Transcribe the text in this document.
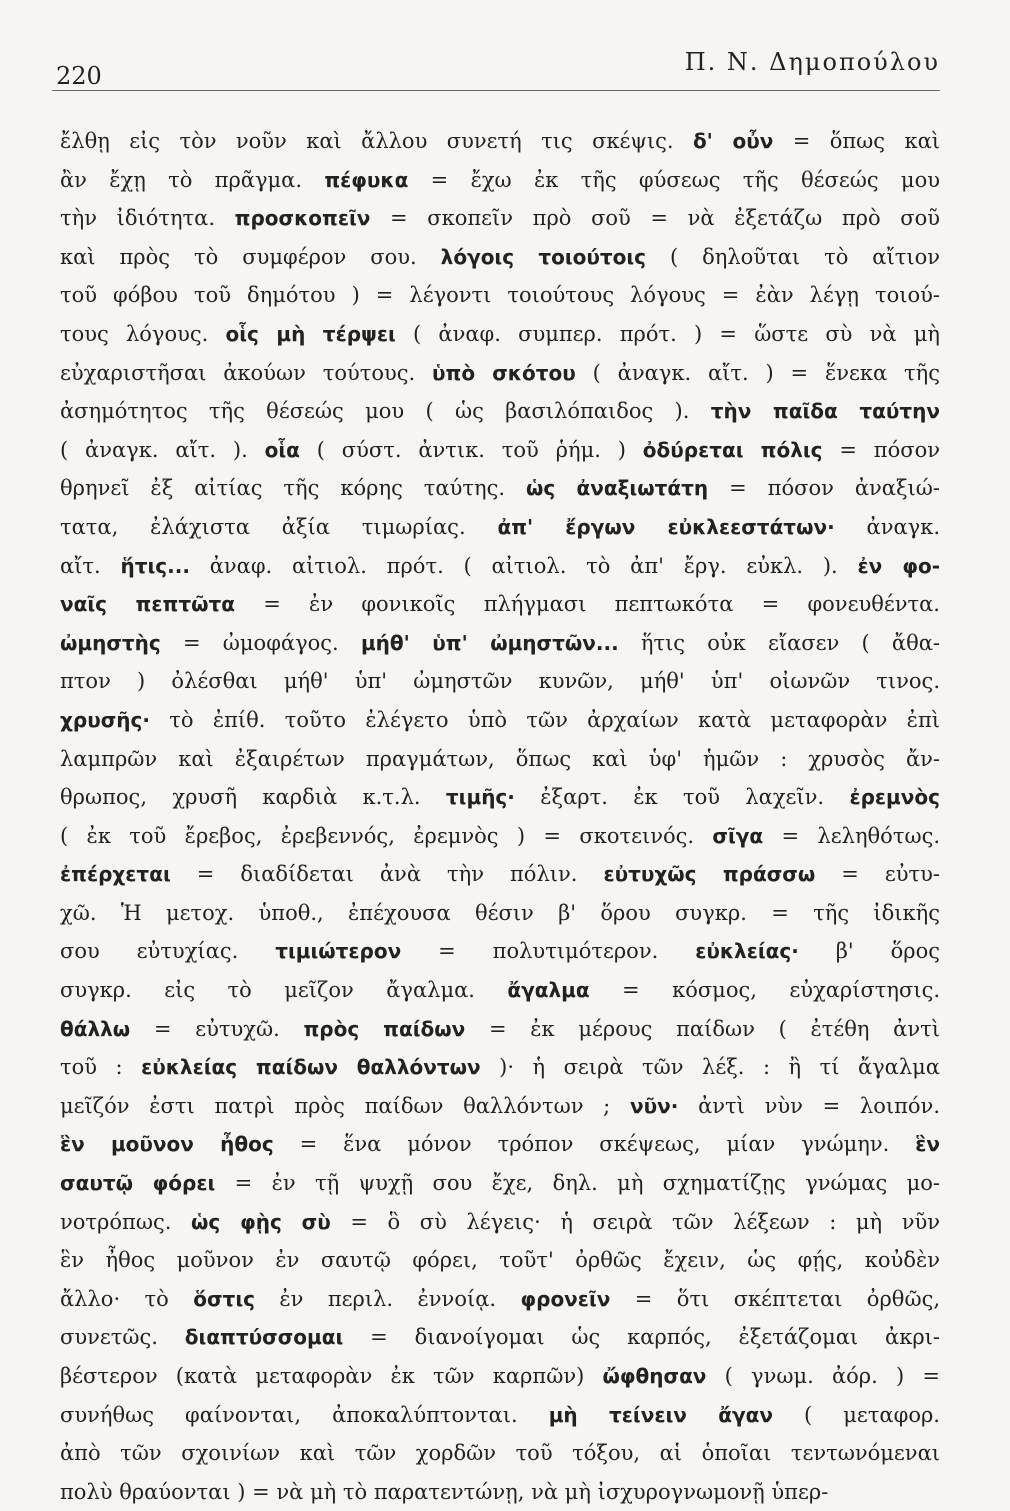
220	Π. Ν. Δημοπούλου
ἔλθῃ εἰς τὸν νοῦν καὶ ἄλλου συνετή τις σκέψις. δ' οὖν = ὅπως καὶ
ἂν ἔχῃ τὸ πρᾶγμα. πέφυκα = ἔχω ἐκ τῆς φύσεως τῆς θέσεώς μου
τὴν ἰδιότητα. προσκοπεῖν = σκοπεῖν πρὸ σοῦ = νὰ ἐξετάζω πρὸ σοῦ
καὶ πρὸς τὸ συμφέρον σου. λόγοις τοιούτοις ( δηλοῦται τὸ αἴτιον
τοῦ φόβου τοῦ δημότου ) = λέγοντι τοιούτους λόγους = ἐὰν λέγῃ τοιού-
τους λόγους. οἷς μὴ τέρψει ( ἀναφ. συμπερ. πρότ. ) = ὥστε σὺ νὰ μὴ
εὐχαριστῆσαι ἀκούων τούτους. ὑπὸ σκότου ( ἀναγκ. αἴτ. ) = ἕνεκα τῆς
ἀσημότητος τῆς θέσεώς μου ( ὡς βασιλόπαιδος ). τὴν παῖδα ταύτην
( ἀναγκ. αἴτ. ). οἷα ( σύστ. ἀντικ. τοῦ ῥήμ. ) ὀδύρεται πόλις = πόσον
θρηνεῖ ἐξ αἰτίας τῆς κόρης ταύτης. ὡς ἀναξιωτάτη = πόσον ἀναξιώ-
τατα, ἐλάχιστα ἀξία τιμωρίας. ἀπ' ἔργων εὐκλεεστάτων· ἀναγκ.
αἴτ. ἥτις... ἀναφ. αἰτιολ. πρότ. ( αἰτιολ. τὸ ἀπ' ἔργ. εὐκλ. ). ἐν φο-
ναῖς πεπτῶτα = ἐν φονικοῖς πλήγμασι πεπτωκότα = φονευθέντα.
ὠμηστὴς = ὠμοφάγος. μήθ' ὑπ' ὠμηστῶν... ἥτις οὐκ εἴασεν ( ἄθα-
πτον ) ὀλέσθαι μήθ' ὑπ' ὠμηστῶν κυνῶν, μήθ' ὑπ' οἰωνῶν τινος.
χρυσῆς· τὸ ἐπίθ. τοῦτο ἐλέγετο ὑπὸ τῶν ἀρχαίων κατὰ μεταφορὰν ἐπὶ
λαμπρῶν καὶ ἐξαιρέτων πραγμάτων, ὅπως καὶ ὑφ' ἡμῶν : χρυσὸς ἄν-
θρωπος, χρυσῆ καρδιὰ κ.τ.λ. τιμῆς· ἐξαρτ. ἐκ τοῦ λαχεῖν. ἐρεμνὸς
( ἐκ τοῦ ἔρεβος, ἐρεβεννός, ἐρεμνὸς ) = σκοτεινός. σῖγα = λεληθότως.
ἐπέρχεται = διαδίδεται ἀνὰ τὴν πόλιν. εὐτυχῶς πράσσω = εὐτυ-
χῶ. Ἡ μετοχ. ὑποθ., ἐπέχουσα θέσιν β' ὅρου συγκρ. = τῆς ἰδικῆς
σου εὐτυχίας. τιμιώτερον = πολυτιμότερον. εὐκλείας· β' ὅρος
συγκρ. εἰς τὸ μεῖζον ἄγαλμα. ἄγαλμα = κόσμος, εὐχαρίστησις.
θάλλω = εὐτυχῶ. πρὸς παίδων = ἐκ μέρους παίδων ( ἐτέθη ἀντὶ
τοῦ : εὐκλείας παίδων θαλλόντων )· ἡ σειρὰ τῶν λέξ. : ἢ τί ἄγαλμα
μεῖζόν ἐστι πατρὶ πρὸς παίδων θαλλόντων ; νῦν· ἀντὶ νὺν = λοιπόν.
ἓν μοῦνον ἦθος = ἕνα μόνον τρόπον σκέψεως, μίαν γνώμην. ἓν
σαυτῷ φόρει = ἐν τῇ ψυχῇ σου ἔχε, δηλ. μὴ σχηματίζῃς γνώμας μο-
νοτρόπως. ὡς φῂς σὺ = ὃ σὺ λέγεις· ἡ σειρὰ τῶν λέξεων : μὴ νῦν
ἓν ἦθος μοῦνον ἐν σαυτῷ φόρει, τοῦτ' ὀρθῶς ἔχειν, ὡς φῄς, κοὐδὲν
ἄλλο· τὸ ὅστις ἐν περιλ. ἐννοίᾳ. φρονεῖν = ὅτι σκέπτεται ὀρθῶς,
συνετῶς. διαπτύσσομαι = διανοίγομαι ὡς καρπός, ἐξετάζομαι ἀκρι-
βέστερον (κατὰ μεταφορὰν ἐκ τῶν καρπῶν) ὤφθησαν ( γνωμ. ἀόρ. ) =
συνήθως φαίνονται, ἀποκαλύπτονται. μὴ τείνειν ἄγαν ( μεταφορ.
ἀπὸ τῶν σχοινίων καὶ τῶν χορδῶν τοῦ τόξου, αἱ ὁποῖαι τεντωνόμεναι
πολὺ θραύονται ) = νὰ μὴ τὸ παρατεντώνῃ, νὰ μὴ ἰσχυρογνωμονῇ ὑπερ-
